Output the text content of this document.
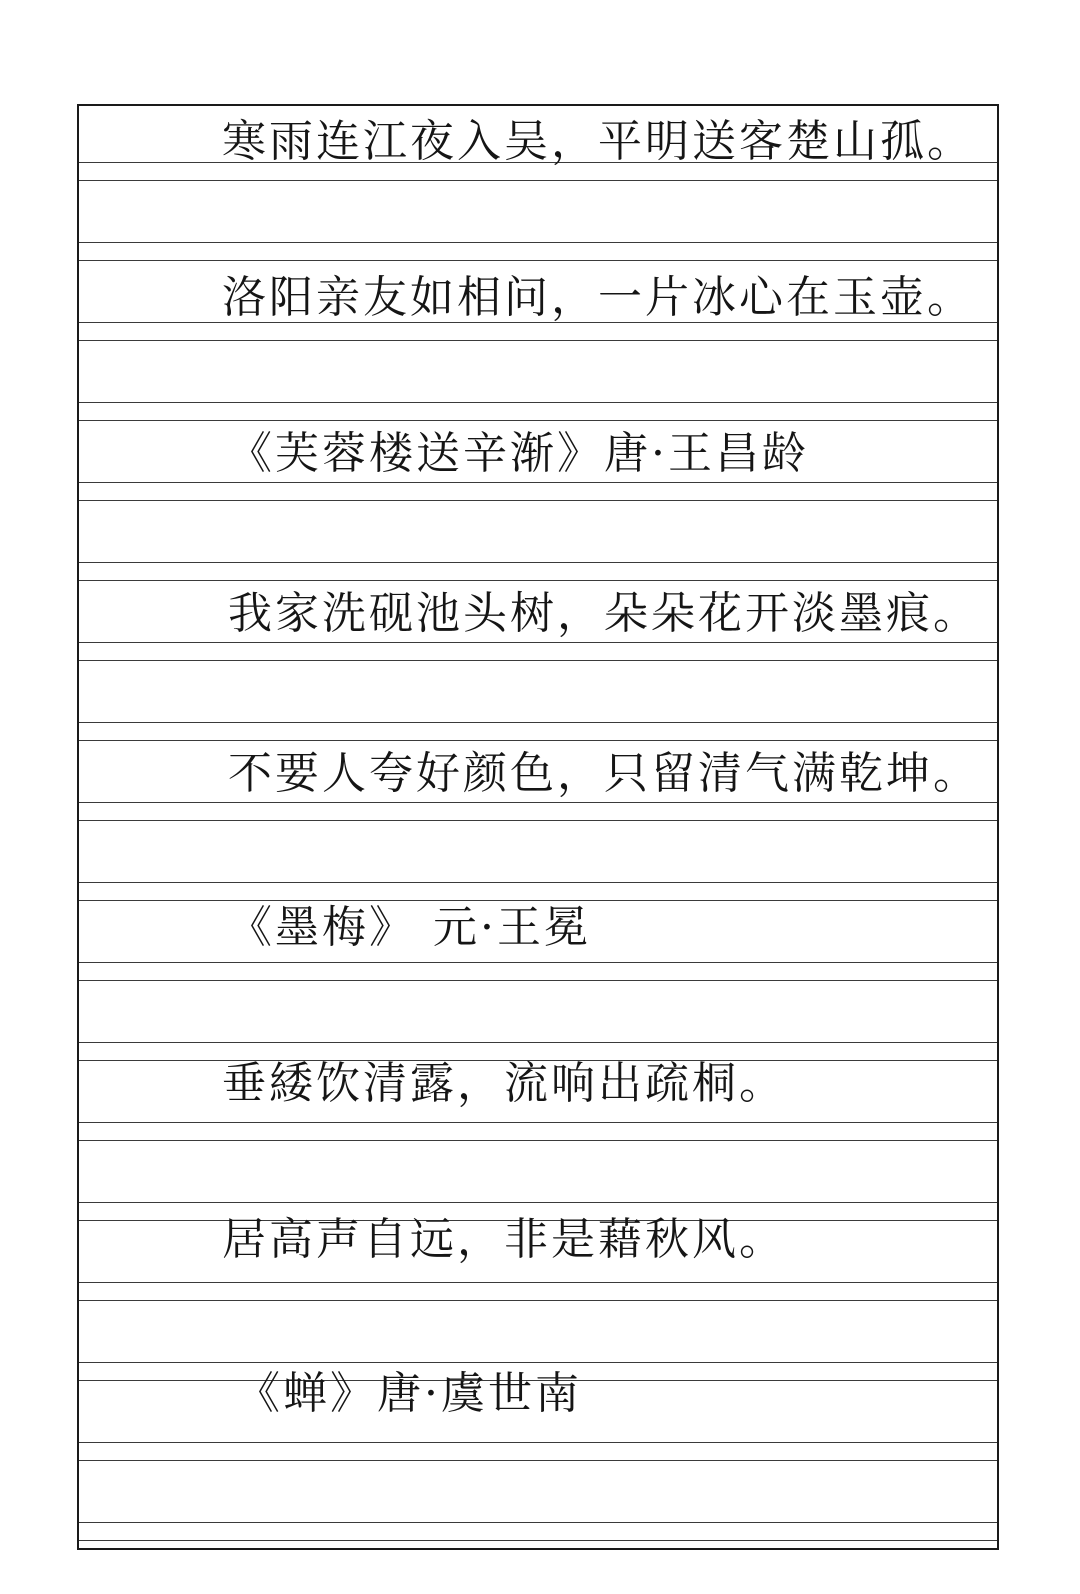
寒雨连江夜入吴，平明送客楚山孤。
洛阳亲友如相问，一片冰心在玉壶。
《芙蓉楼送辛渐》唐·王昌龄
我家洗砚池头树，朵朵花开淡墨痕。
不要人夸好颜色，只留清气满乾坤。
《墨梅》 元·王冕
垂緌饮清露，流响出疏桐。
居高声自远，非是藉秋风。
《蝉》唐·虞世南
